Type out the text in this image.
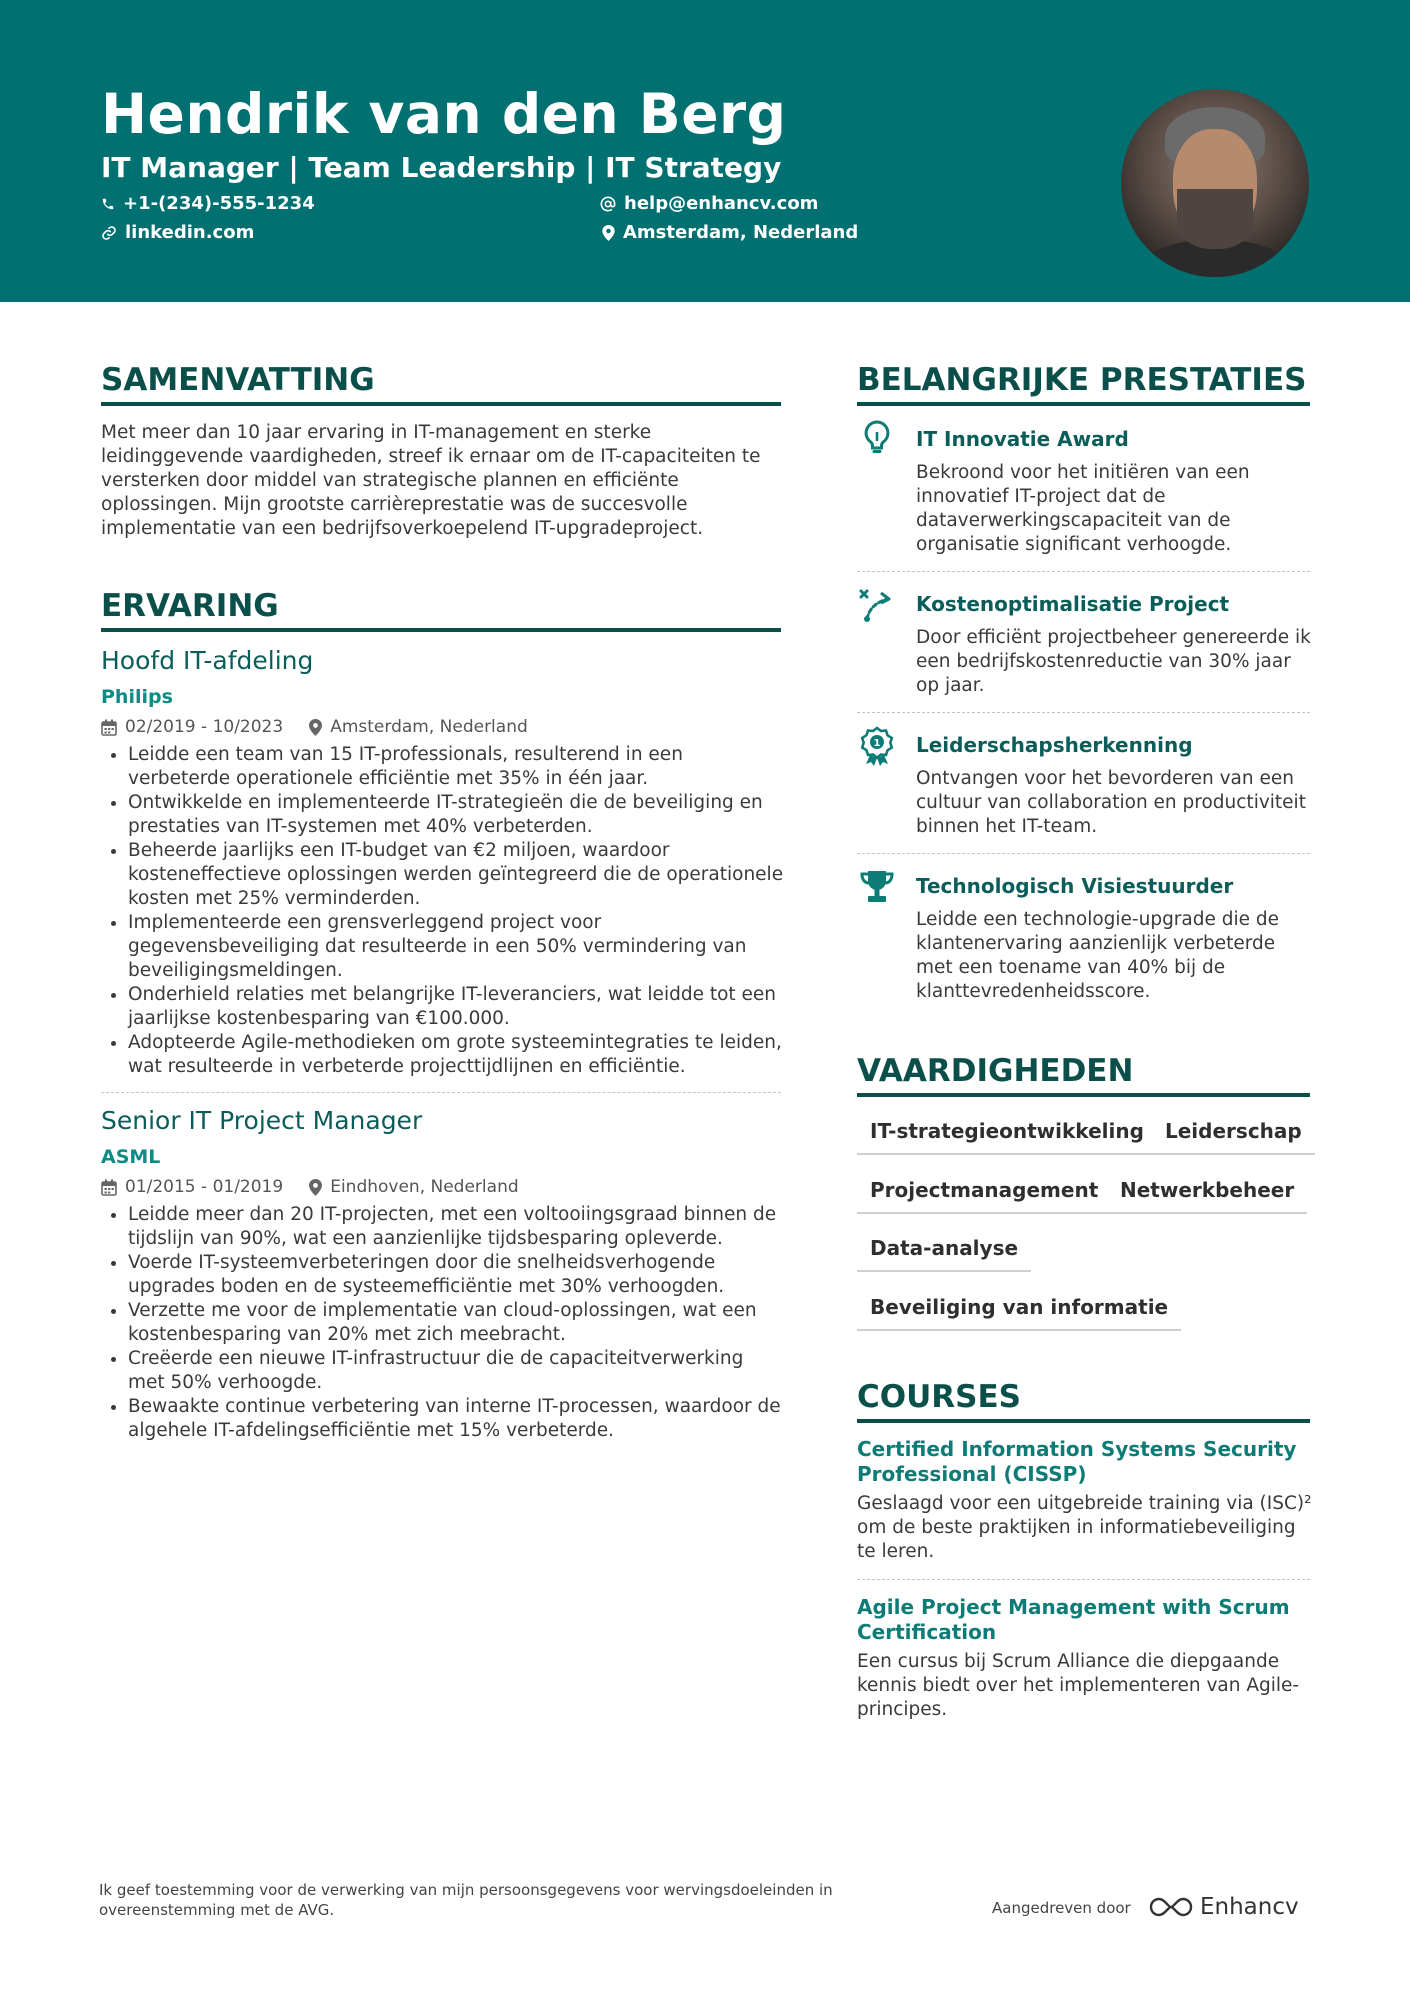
Hendrik van den Berg
IT Manager | Team Leadership | IT Strategy
+1-(234)-555-1234	help@enhancv.com
linkedin.com	Amsterdam, Nederland
SAMENVATTING
Met meer dan 10 jaar ervaring in IT-management en sterke leidinggevende vaardigheden, streef ik ernaar om de IT-capaciteiten te versterken door middel van strategische plannen en efficiënte oplossingen. Mijn grootste carrièreprestatie was de succesvolle implementatie van een bedrijfsoverkoepelend IT-upgradeproject.
ERVARING
Hoofd IT-afdeling
Philips
02/2019 - 10/2023	Amsterdam, Nederland
• Leidde een team van 15 IT-professionals, resulterend in een verbeterde operationele efficiëntie met 35% in één jaar.
• Ontwikkelde en implementeerde IT-strategieën die de beveiliging en prestaties van IT-systemen met 40% verbeterden.
• Beheerde jaarlijks een IT-budget van €2 miljoen, waardoor kosteneffectieve oplossingen werden geïntegreerd die de operationele kosten met 25% verminderden.
• Implementeerde een grensverleggend project voor gegevensbeveiliging dat resulteerde in een 50% vermindering van beveiligingsmeldingen.
• Onderhield relaties met belangrijke IT-leveranciers, wat leidde tot een jaarlijkse kostenbesparing van €100.000.
• Adopteerde Agile-methodieken om grote systeemintegraties te leiden, wat resulteerde in verbeterde projecttijdlijnen en efficiëntie.
Senior IT Project Manager
ASML
01/2015 - 01/2019	Eindhoven, Nederland
• Leidde meer dan 20 IT-projecten, met een voltooiingsgraad binnen de tijdslijn van 90%, wat een aanzienlijke tijdsbesparing opleverde.
• Voerde IT-systeemverbeteringen door die snelheidsverhogende upgrades boden en de systeemefficiëntie met 30% verhoogden.
• Verzette me voor de implementatie van cloud-oplossingen, wat een kostenbesparing van 20% met zich meebracht.
• Creëerde een nieuwe IT-infrastructuur die de capaciteitverwerking met 50% verhoogde.
• Bewaakte continue verbetering van interne IT-processen, waardoor de algehele IT-afdelingsefficiëntie met 15% verbeterde.
BELANGRIJKE PRESTATIES
IT Innovatie Award
Bekroond voor het initiëren van een innovatief IT-project dat de dataverwerkingscapaciteit van de organisatie significant verhoogde.
Kostenoptimalisatie Project
Door efficiënt projectbeheer genereerde ik een bedrijfskostenreductie van 30% jaar op jaar.
1 Leiderschapsherkenning
Ontvangen voor het bevorderen van een cultuur van collaboration en productiviteit binnen het IT-team.
Technologisch Visiestuurder
Leidde een technologie-upgrade die de klantenervaring aanzienlijk verbeterde met een toename van 40% bij de klanttevredenheidsscore.
VAARDIGHEDEN
IT-strategieontwikkeling	Leiderschap
Projectmanagement	Netwerkbeheer
Data-analyse
Beveiliging van informatie
COURSES
Certified Information Systems Security Professional (CISSP)
Geslaagd voor een uitgebreide training via (ISC)² om de beste praktijken in informatiebeveiliging te leren.
Agile Project Management with Scrum Certification
Een cursus bij Scrum Alliance die diepgaande kennis biedt over het implementeren van Agile-principes.
Ik geef toestemming voor de verwerking van mijn persoonsgegevens voor wervingsdoeleinden in overeenstemming met de AVG.	Aangedreven door	Enhancv
